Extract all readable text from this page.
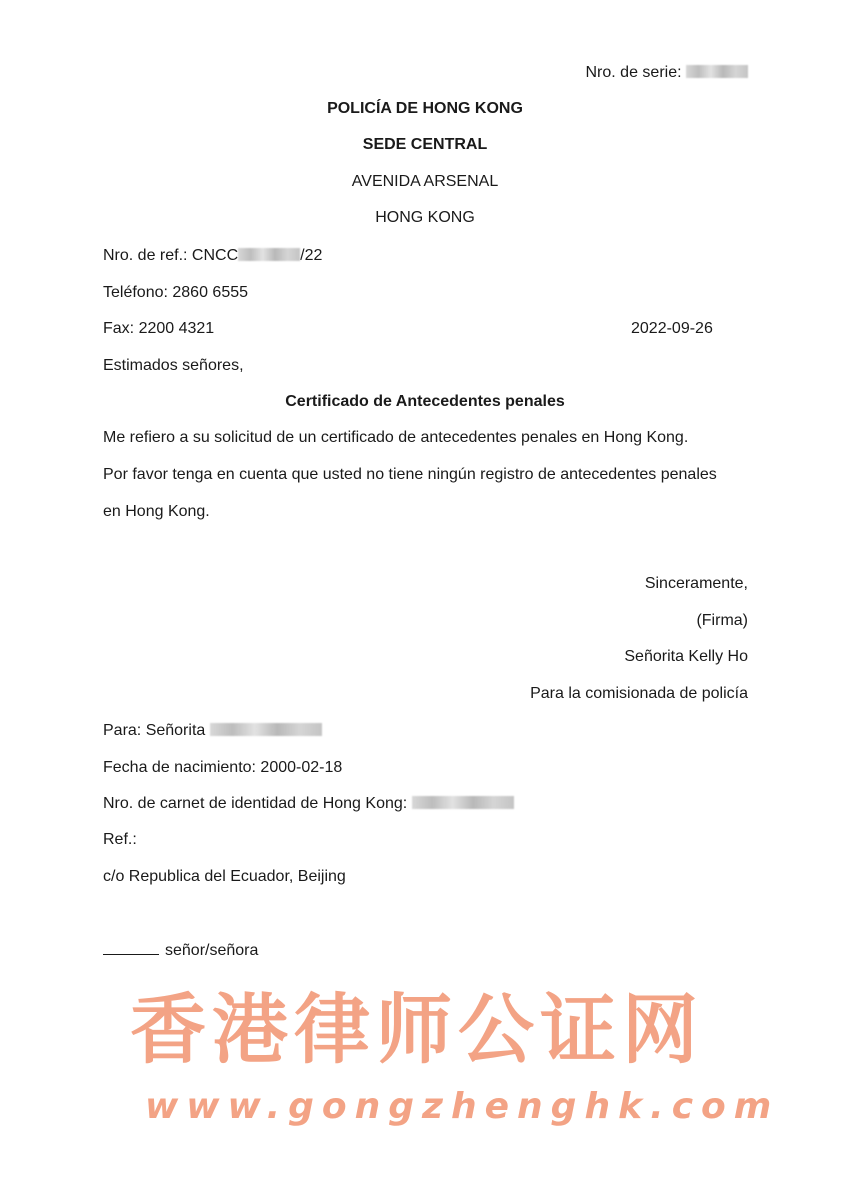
香港律师公证网
www.gongzhenghk.com
Nro. de serie:
POLICÍA DE HONG KONG
SEDE CENTRAL
AVENIDA ARSENAL
HONG KONG
Nro. de ref.: CNCC	/22
Teléfono: 2860 6555
Fax: 2200 4321	2022-09-26
Estimados señores,
Certificado de Antecedentes penales
Me refiero a su solicitud de un certificado de antecedentes penales en Hong Kong.
Por favor tenga en cuenta que usted no tiene ningún registro de antecedentes penales
en Hong Kong.
Sinceramente,
(Firma)
Señorita Kelly Ho
Para la comisionada de policía
Para: Señorita
Fecha de nacimiento: 2000-02-18
Nro. de carnet de identidad de Hong Kong:
Ref.:
c/o Republica del Ecuador, Beijing
señor/señora
